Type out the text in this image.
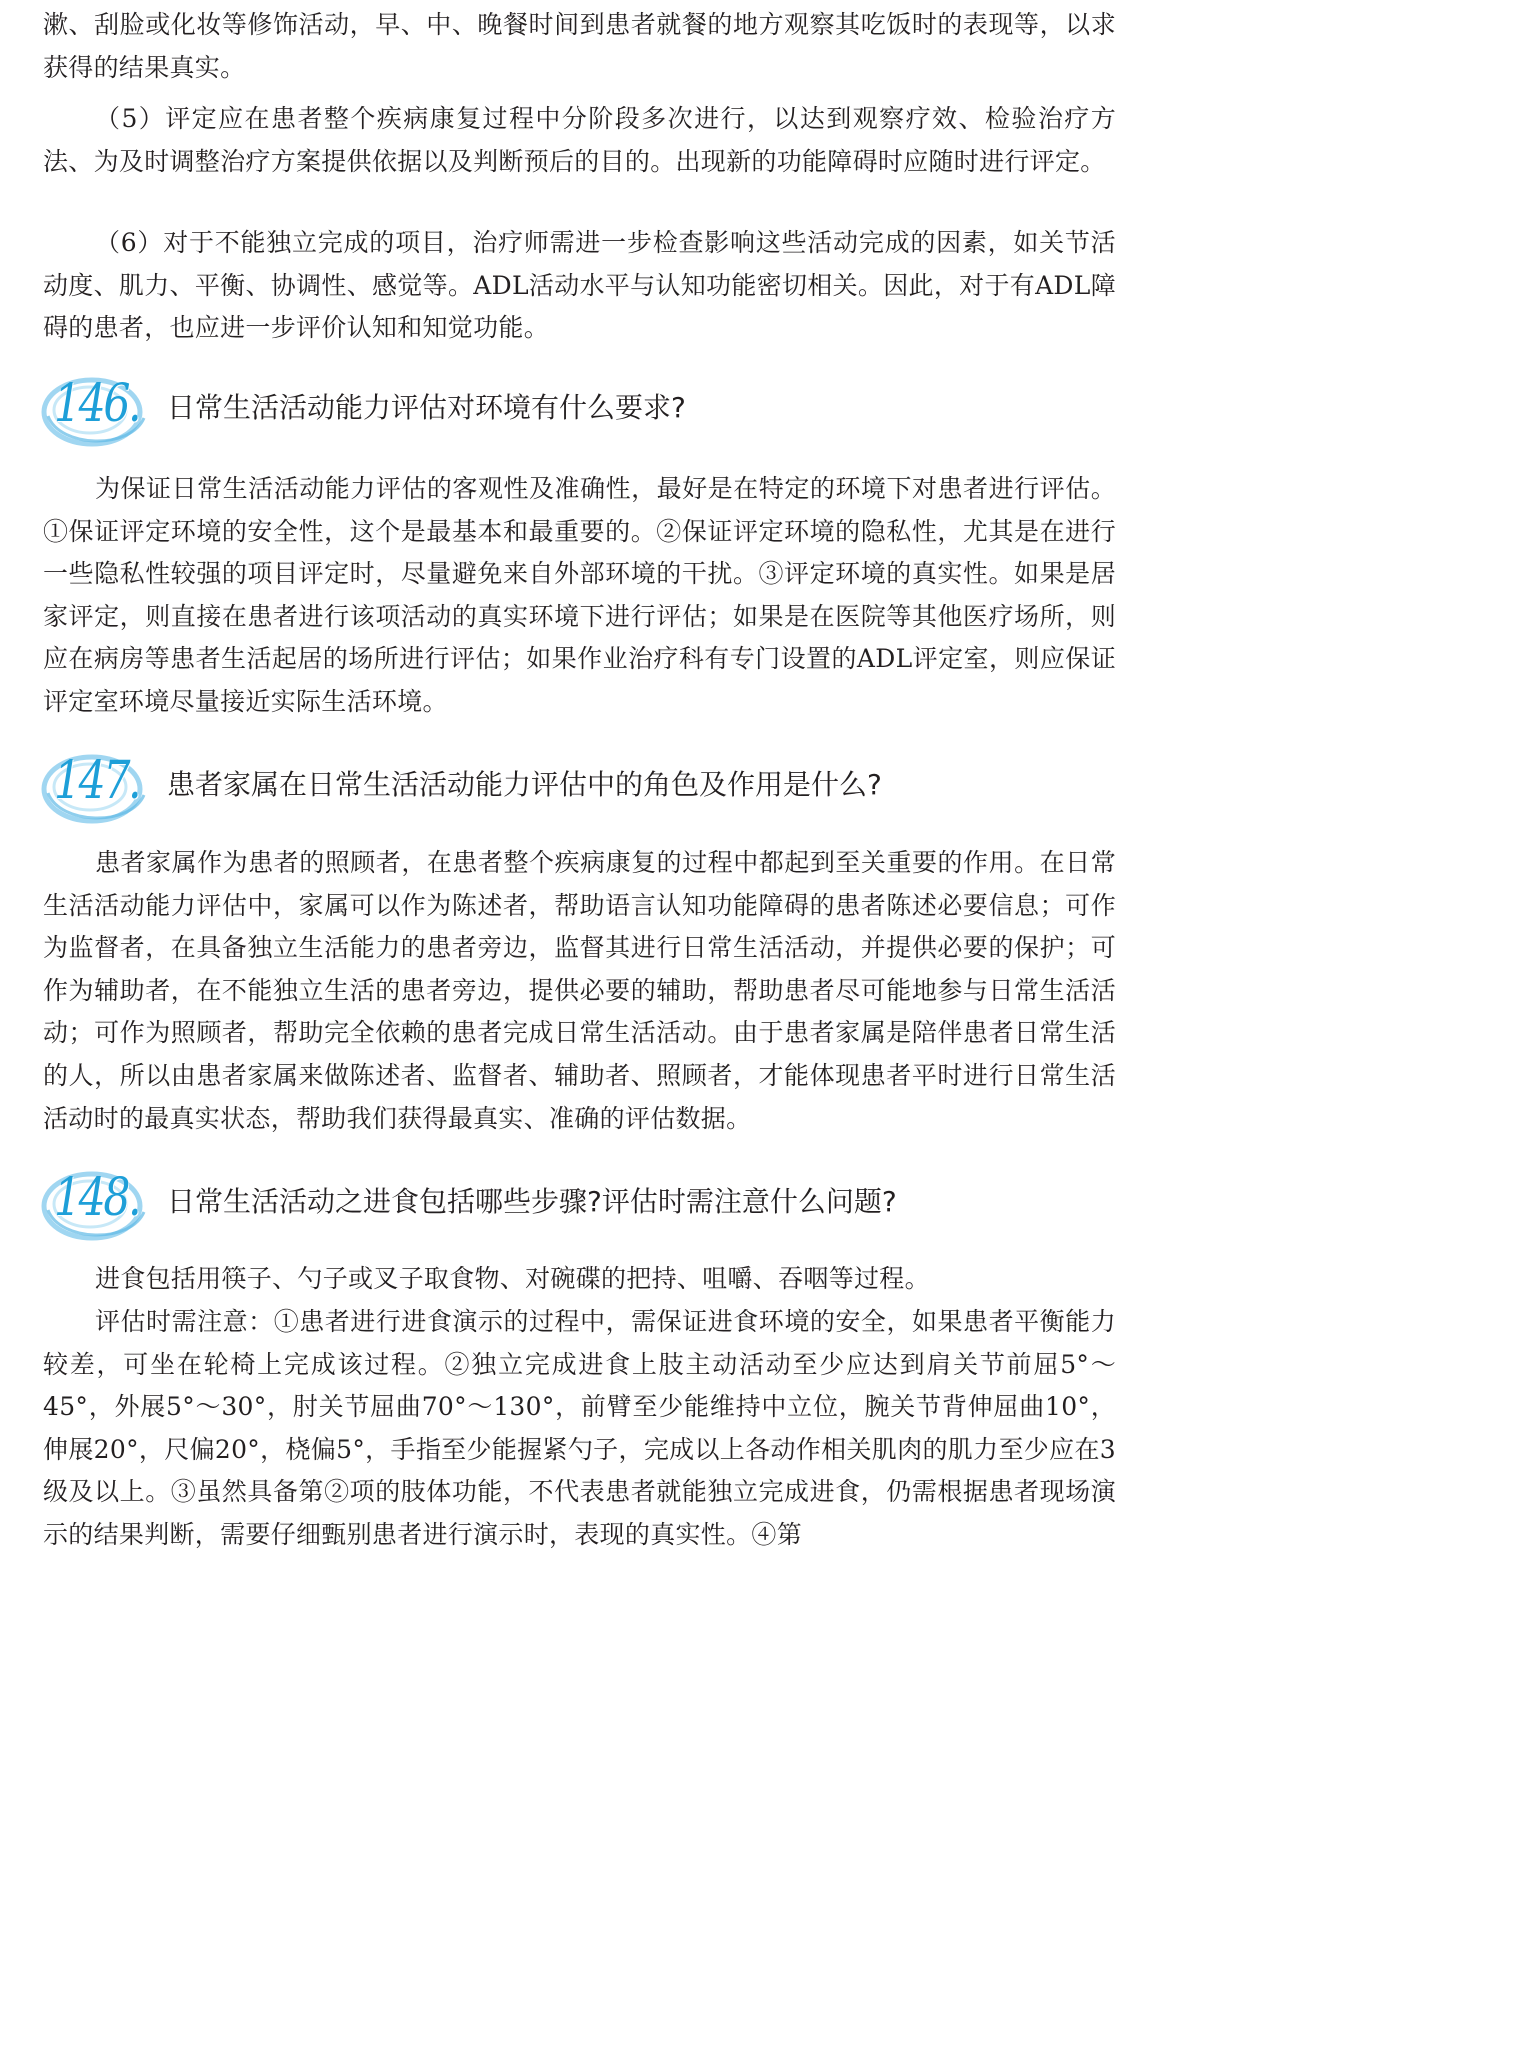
漱、刮脸或化妆等修饰活动，早、中、晚餐时间到患者就餐的地方观察其吃饭时的表现等，以求获得的结果真实。

（5）评定应在患者整个疾病康复过程中分阶段多次进行，以达到观察疗效、检验治疗方法、为及时调整治疗方案提供依据以及判断预后的目的。出现新的功能障碍时应随时进行评定。

（6）对于不能独立完成的项目，治疗师需进一步检查影响这些活动完成的因素，如关节活动度、肌力、平衡、协调性、感觉等。ADL活动水平与认知功能密切相关。因此，对于有ADL障碍的患者，也应进一步评价认知和知觉功能。

146. 日常生活活动能力评估对环境有什么要求?

为保证日常生活活动能力评估的客观性及准确性，最好是在特定的环境下对患者进行评估。①保证评定环境的安全性，这个是最基本和最重要的。②保证评定环境的隐私性，尤其是在进行一些隐私性较强的项目评定时，尽量避免来自外部环境的干扰。③评定环境的真实性。如果是居家评定，则直接在患者进行该项活动的真实环境下进行评估；如果是在医院等其他医疗场所，则应在病房等患者生活起居的场所进行评估；如果作业治疗科有专门设置的ADL评定室，则应保证评定室环境尽量接近实际生活环境。

147. 患者家属在日常生活活动能力评估中的角色及作用是什么?

患者家属作为患者的照顾者，在患者整个疾病康复的过程中都起到至关重要的作用。在日常生活活动能力评估中，家属可以作为陈述者，帮助语言认知功能障碍的患者陈述必要信息；可作为监督者，在具备独立生活能力的患者旁边，监督其进行日常生活活动，并提供必要的保护；可作为辅助者，在不能独立生活的患者旁边，提供必要的辅助，帮助患者尽可能地参与日常生活活动；可作为照顾者，帮助完全依赖的患者完成日常生活活动。由于患者家属是陪伴患者日常生活的人，所以由患者家属来做陈述者、监督者、辅助者、照顾者，才能体现患者平时进行日常生活活动时的最真实状态，帮助我们获得最真实、准确的评估数据。

148. 日常生活活动之进食包括哪些步骤?评估时需注意什么问题?

进食包括用筷子、勺子或叉子取食物、对碗碟的把持、咀嚼、吞咽等过程。

评估时需注意：①患者进行进食演示的过程中，需保证进食环境的安全，如果患者平衡能力较差，可坐在轮椅上完成该过程。②独立完成进食上肢主动活动至少应达到肩关节前屈5°～45°，外展5°～30°，肘关节屈曲70°～130°，前臂至少能维持中立位，腕关节背伸屈曲10°，伸展20°，尺偏20°，桡偏5°，手指至少能握紧勺子，完成以上各动作相关肌肉的肌力至少应在3级及以上。③虽然具备第②项的肢体功能，不代表患者就能独立完成进食，仍需根据患者现场演示的结果判断，需要仔细甄别患者进行演示时，表现的真实性。④第
